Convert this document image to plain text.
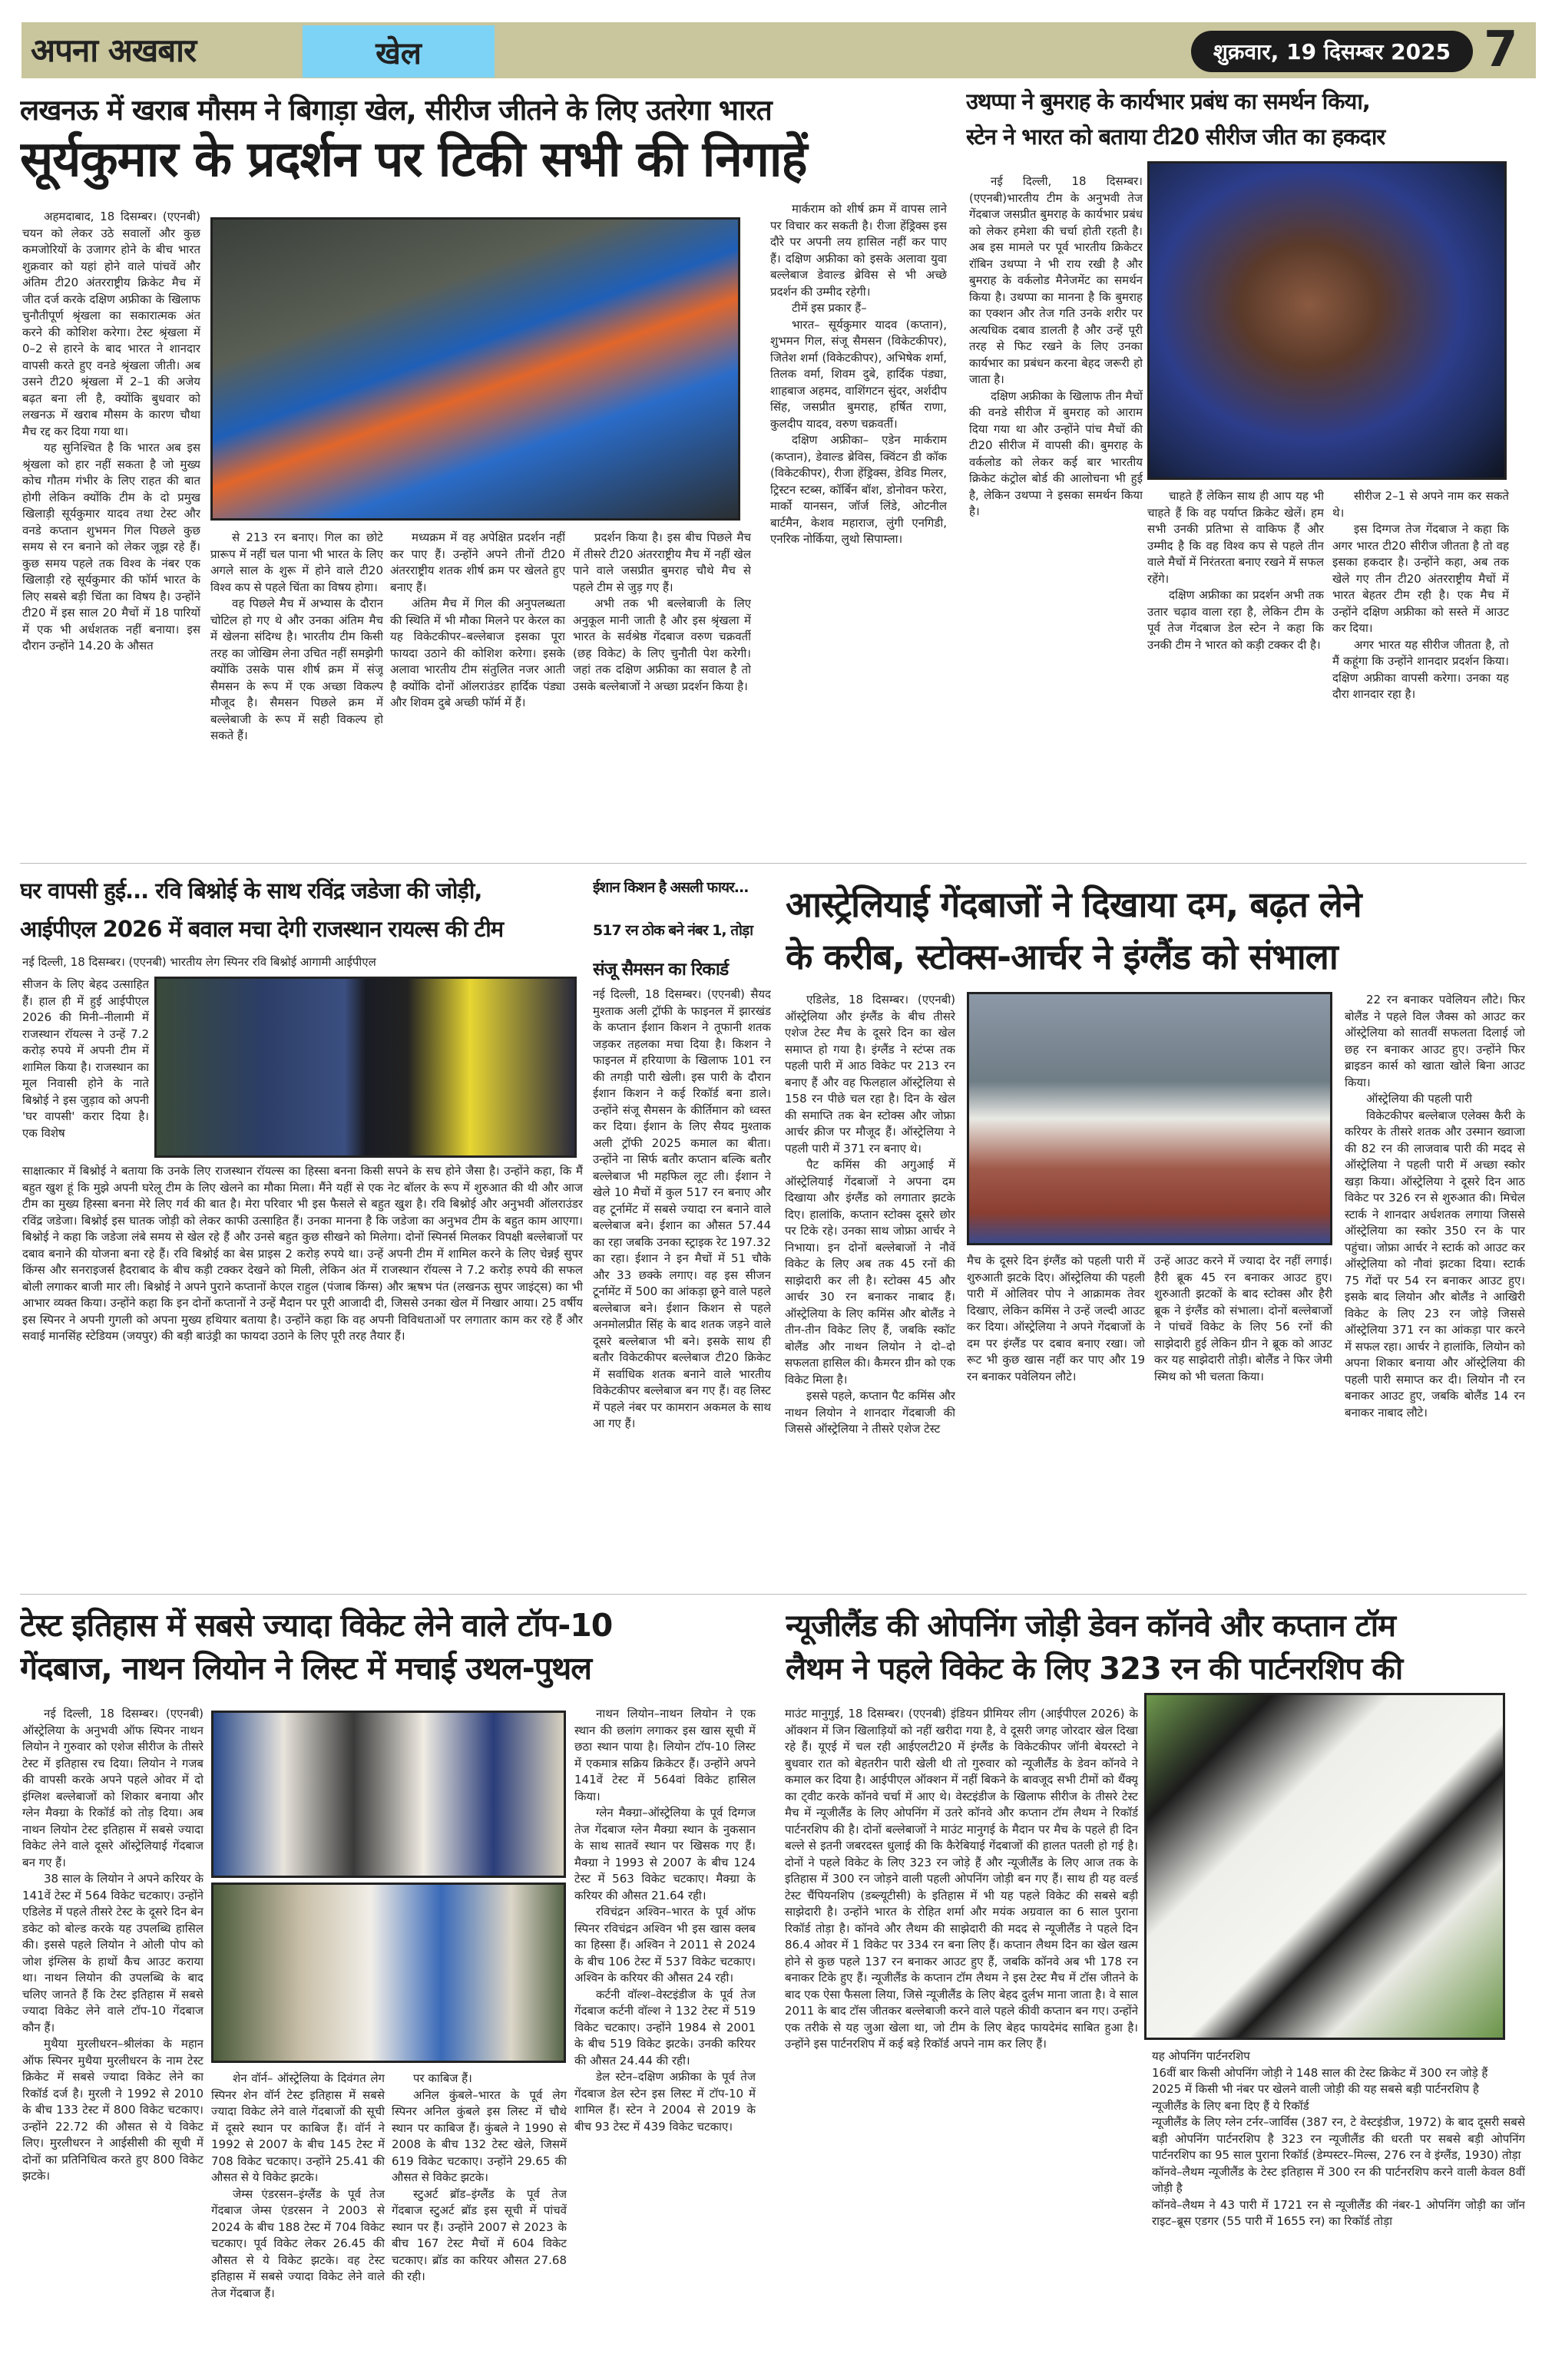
अपना अखबार	खेल	शुक्रवार, 19 दिसम्बर 2025 7
लखनऊ में खराब मौसम ने बिगाड़ा खेल, सीरीज जीतने के लिए उतरेगा भारत
सूर्यकुमार के प्रदर्शन पर टिकी सभी की निगाहें

अहमदाबाद, 18 दिसम्बर। (एएनबी) चयन को लेकर उठे सवालों और कुछ कमजोरियों के उजागर होने के बीच भारत शुक्रवार को यहां होने वाले पांचवें और अंतिम टी20 अंतरराष्ट्रीय क्रिकेट मैच में जीत दर्ज करके दक्षिण अफ्रीका के खिलाफ चुनौतीपूर्ण श्रृंखला का सकारात्मक अंत करने की कोशिश करेगा। टेस्ट श्रृंखला में 0–2 से हारने के बाद भारत ने शानदार वापसी करते हुए वनडे श्रृंखला जीती। अब उसने टी20 श्रृंखला में 2–1 की अजेय बढ़त बना ली है, क्योंकि बुधवार को लखनऊ में खराब मौसम के कारण चौथा मैच रद्द कर दिया गया था।

यह सुनिश्चित है कि भारत अब इस श्रृंखला को हार नहीं सकता है जो मुख्य कोच गौतम गंभीर के लिए राहत की बात होगी लेकिन क्योंकि टीम के दो प्रमुख खिलाड़ी सूर्यकुमार यादव तथा टेस्ट और वनडे कप्तान शुभमन गिल पिछले कुछ समय से रन बनाने को लेकर जूझ रहे हैं। कुछ समय पहले तक विश्व के नंबर एक खिलाड़ी रहे सूर्यकुमार की फॉर्म भारत के लिए सबसे बड़ी चिंता का विषय है। उन्होंने टी20 में इस साल 20 मैचों में 18 पारियों में एक भी अर्धशतक नहीं बनाया। इस दौरान उन्होंने 14.20 के औसत

से 213 रन बनाए। गिल का छोटे प्रारूप में नहीं चल पाना भी भारत के लिए अगले साल के शुरू में होने वाले टी20 विश्व कप से पहले चिंता का विषय होगा।

वह पिछले मैच में अभ्यास के दौरान चोटिल हो गए थे और उनका अंतिम मैच में खेलना संदिग्ध है। भारतीय टीम किसी तरह का जोखिम लेना उचित नहीं समझेगी क्योंकि उसके पास शीर्ष क्रम में संजू सैमसन के रूप में एक अच्छा विकल्प मौजूद है। सैमसन पिछले क्रम में बल्लेबाजी के रूप में सही विकल्प हो सकते हैं।

मध्यक्रम में वह अपेक्षित प्रदर्शन नहीं कर पाए हैं। उन्होंने अपने तीनों टी20 अंतरराष्ट्रीय शतक शीर्ष क्रम पर खेलते हुए बनाए हैं।

अंतिम मैच में गिल की अनुपलब्धता की स्थिति में भी मौका मिलने पर केरल का यह विकेटकीपर–बल्लेबाज इसका पूरा फायदा उठाने की कोशिश करेगा। इसके अलावा भारतीय टीम संतुलित नजर आती है क्योंकि दोनों ऑलराउंडर हार्दिक पंड्या और शिवम दुबे अच्छी फॉर्म में हैं।

प्रदर्शन किया है। इस बीच पिछले मैच में तीसरे टी20 अंतरराष्ट्रीय मैच में नहीं खेल पाने वाले जसप्रीत बुमराह चौथे मैच से पहले टीम से जुड़ गए हैं।

अभी तक भी बल्लेबाजी के लिए अनुकूल मानी जाती है और इस श्रृंखला में भारत के सर्वश्रेष्ठ गेंदबाज वरुण चक्रवर्ती (छह विकेट) के लिए चुनौती पेश करेगी। जहां तक दक्षिण अफ्रीका का सवाल है तो उसके बल्लेबाजों ने अच्छा प्रदर्शन किया है।

मार्कराम को शीर्ष क्रम में वापस लाने पर विचार कर सकती है। रीजा हेंड्रिक्स इस दौरे पर अपनी लय हासिल नहीं कर पाए हैं। दक्षिण अफ्रीका को इसके अलावा युवा बल्लेबाज डेवाल्ड ब्रेविस से भी अच्छे प्रदर्शन की उम्मीद रहेगी।

टीमें इस प्रकार हैं–

भारत– सूर्यकुमार यादव (कप्तान), शुभमन गिल, संजू सैमसन (विकेटकीपर), जितेश शर्मा (विकेटकीपर), अभिषेक शर्मा, तिलक वर्मा, शिवम दुबे, हार्दिक पंड्या, शाहबाज अहमद, वाशिंगटन सुंदर, अर्शदीप सिंह, जसप्रीत बुमराह, हर्षित राणा, कुलदीप यादव, वरुण चक्रवर्ती।

दक्षिण अफ्रीका– एडेन मार्कराम (कप्तान), डेवाल्ड ब्रेविस, क्विंटन डी कॉक (विकेटकीपर), रीजा हेंड्रिक्स, डेविड मिलर, ट्रिस्टन स्टब्स, कॉर्बिन बॉश, डोनोवन फरेरा, मार्को यानसन, जॉर्ज लिंडे, ओटनील बार्टमैन, केशव महाराज, लुंगी एनगिडी, एनरिक नोर्किया, लुथो सिपाम्ला।

उथप्पा ने बुमराह के कार्यभार प्रबंध का समर्थन किया,
स्टेन ने भारत को बताया टी20 सीरीज जीत का हकदार

नई दिल्ली, 18 दिसम्बर। (एएनबी)भारतीय टीम के अनुभवी तेज गेंदबाज जसप्रीत बुमराह के कार्यभार प्रबंध को लेकर हमेशा की चर्चा होती रहती है। अब इस मामले पर पूर्व भारतीय क्रिकेटर रॉबिन उथप्पा ने भी राय रखी है और बुमराह के वर्कलोड मैनेजमेंट का समर्थन किया है। उथप्पा का मानना है कि बुमराह का एक्शन और तेज गति उनके शरीर पर अत्यधिक दबाव डालती है और उन्हें पूरी तरह से फिट रखने के लिए उनका कार्यभार का प्रबंधन करना बेहद जरूरी हो जाता है।

दक्षिण अफ्रीका के खिलाफ तीन मैचों की वनडे सीरीज में बुमराह को आराम दिया गया था और उन्होंने पांच मैचों की टी20 सीरीज में वापसी की। बुमराह के वर्कलोड को लेकर कई बार भारतीय क्रिकेट कंट्रोल बोर्ड की आलोचना भी हुई है, लेकिन उथप्पा ने इसका समर्थन किया है।

चाहते हैं लेकिन साथ ही आप यह भी चाहते हैं कि वह पर्याप्त क्रिकेट खेलें। हम सभी उनकी प्रतिभा से वाकिफ हैं और उम्मीद है कि वह विश्व कप से पहले तीन वाले मैचों में निरंतरता बनाए रखने में सफल रहेंगे।

दक्षिण अफ्रीका का प्रदर्शन अभी तक उतार चढ़ाव वाला रहा है, लेकिन टीम के पूर्व तेज गेंदबाज डेल स्टेन ने कहा कि उनकी टीम ने भारत को कड़ी टक्कर दी है।

सीरीज 2–1 से अपने नाम कर सकते थे।

इस दिग्गज तेज गेंदबाज ने कहा कि अगर भारत टी20 सीरीज जीतता है तो वह इसका हकदार है। उन्होंने कहा, अब तक खेले गए तीन टी20 अंतरराष्ट्रीय मैचों में भारत बेहतर टीम रही है। एक मैच में उन्होंने दक्षिण अफ्रीका को सस्ते में आउट कर दिया।

अगर भारत यह सीरीज जीतता है, तो मैं कहूंगा कि उन्होंने शानदार प्रदर्शन किया। दक्षिण अफ्रीका वापसी करेगा। उनका यह दौरा शानदार रहा है।

घर वापसी हुई... रवि बिश्नोई के साथ रविंद्र जडेजा की जोड़ी,
आईपीएल 2026 में बवाल मचा देगी राजस्थान रायल्स की टीम
नई दिल्ली, 18 दिसम्बर। (एएनबी) भारतीय लेग स्पिनर रवि बिश्नोई आगामी आईपीएल
सीजन के लिए बेहद उत्साहित हैं। हाल ही में हुई आईपीएल 2026 की मिनी–नीलामी में राजस्थान रॉयल्स ने उन्हें 7.2 करोड़ रुपये में अपनी टीम में शामिल किया है। राजस्थान का मूल निवासी होने के नाते बिश्नोई ने इस जुड़ाव को अपनी 'घर वापसी' करार दिया है। एक विशेष
साक्षात्कार में बिश्नोई ने बताया कि उनके लिए राजस्थान रॉयल्स का हिस्सा बनना किसी सपने के सच होने जैसा है। उन्होंने कहा, कि मैं बहुत खुश हूं कि मुझे अपनी घरेलू टीम के लिए खेलने का मौका मिला। मैंने यहीं से एक नेट बॉलर के रूप में शुरुआत की थी और आज टीम का मुख्य हिस्सा बनना मेरे लिए गर्व की बात है। मेरा परिवार भी इस फैसले से बहुत खुश है। रवि बिश्नोई और अनुभवी ऑलराउंडर रविंद्र जडेजा। बिश्नोई इस घातक जोड़ी को लेकर काफी उत्साहित हैं। उनका मानना है कि जडेजा का अनुभव टीम के बहुत काम आएगा। बिश्नोई ने कहा कि जडेजा लंबे समय से खेल रहे हैं और उनसे बहुत कुछ सीखने को मिलेगा। दोनों स्पिनर्स मिलकर विपक्षी बल्लेबाजों पर दबाव बनाने की योजना बना रहे हैं। रवि बिश्नोई का बेस प्राइस 2 करोड़ रुपये था। उन्हें अपनी टीम में शामिल करने के लिए चेन्नई सुपर किंग्स और सनराइजर्स हैदराबाद के बीच कड़ी टक्कर देखने को मिली, लेकिन अंत में राजस्थान रॉयल्स ने 7.2 करोड़ रुपये की सफल बोली लगाकर बाजी मार ली। बिश्नोई ने अपने पुराने कप्तानों केएल राहुल (पंजाब किंग्स) और ऋषभ पंत (लखनऊ सुपर जाइंट्स) का भी आभार व्यक्त किया। उन्होंने कहा कि इन दोनों कप्तानों ने उन्हें मैदान पर पूरी आजादी दी, जिससे उनका खेल में निखार आया। 25 वर्षीय इस स्पिनर ने अपनी गुगली को अपना मुख्य हथियार बताया है। उन्होंने कहा कि वह अपनी विविधताओं पर लगातार काम कर रहे हैं और सवाई मानसिंह स्टेडियम (जयपुर) की बड़ी बाउंड्री का फायदा उठाने के लिए पूरी तरह तैयार हैं।
ईशान किशन है असली फायर...
517 रन ठोक बने नंबर 1, तोड़ा
संजू सैमसन का रिकार्ड
नई दिल्ली, 18 दिसम्बर। (एएनबी) सैयद मुश्ताक अली ट्रॉफी के फाइनल में झारखंड के कप्तान ईशान किशन ने तूफानी शतक जड़कर तहलका मचा दिया है। किशन ने फाइनल में हरियाणा के खिलाफ 101 रन की तगड़ी पारी खेली। इस पारी के दौरान ईशान किशन ने कई रिकॉर्ड बना डाले। उन्होंने संजू सैमसन के कीर्तिमान को ध्वस्त कर दिया। ईशान के लिए सैयद मुश्ताक अली ट्रॉफी 2025 कमाल का बीता। उन्होंने ना सिर्फ बतौर कप्तान बल्कि बतौर बल्लेबाज भी महफिल लूट ली। ईशान ने खेले 10 मैचों में कुल 517 रन बनाए और वह टूर्नामेंट में सबसे ज्यादा रन बनाने वाले बल्लेबाज बने। ईशान का औसत 57.44 का रहा जबकि उनका स्ट्राइक रेट 197.32 का रहा। ईशान ने इन मैचों में 51 चौके और 33 छक्के लगाए। वह इस सीजन टूर्नामेंट में 500 का आंकड़ा छूने वाले पहले बल्लेबाज बने। ईशान किशन से पहले अनमोलप्रीत सिंह के बाद शतक जड़ने वाले दूसरे बल्लेबाज भी बने। इसके साथ ही बतौर विकेटकीपर बल्लेबाज टी20 क्रिकेट में सर्वाधिक शतक बनाने वाले भारतीय विकेटकीपर बल्लेबाज बन गए हैं। वह लिस्ट में पहले नंबर पर कामरान अकमल के साथ आ गए हैं।
आस्ट्रेलियाई गेंदबाजों ने दिखाया दम, बढ़त लेने
के करीब, स्टोक्स-आर्चर ने इंग्लैंड को संभाला

एडिलेड, 18 दिसम्बर। (एएनबी) ऑस्ट्रेलिया और इंग्लैंड के बीच तीसरे एशेज टेस्ट मैच के दूसरे दिन का खेल समाप्त हो गया है। इंग्लैंड ने स्टंप्स तक पहली पारी में आठ विकेट पर 213 रन बनाए हैं और वह फिलहाल ऑस्ट्रेलिया से 158 रन पीछे चल रहा है। दिन के खेल की समाप्ति तक बेन स्टोक्स और जोफ्रा आर्चर क्रीज पर मौजूद हैं। ऑस्ट्रेलिया ने पहली पारी में 371 रन बनाए थे।

पैट कमिंस की अगुआई में ऑस्ट्रेलियाई गेंदबाजों ने अपना दम दिखाया और इंग्लैंड को लगातार झटके दिए। हालांकि, कप्तान स्टोक्स दूसरे छोर पर टिके रहे। उनका साथ जोफ्रा आर्चर ने निभाया। इन दोनों बल्लेबाजों ने नौवें विकेट के लिए अब तक 45 रनों की साझेदारी कर ली है। स्टोक्स 45 और आर्चर 30 रन बनाकर नाबाद हैं। ऑस्ट्रेलिया के लिए कमिंस और बोलैंड ने तीन-तीन विकेट लिए हैं, जबकि स्कॉट बोलैंड और नाथन लियोन ने दो–दो सफलता हासिल की। कैमरन ग्रीन को एक विकेट मिला है।

इससे पहले, कप्तान पैट कमिंस और नाथन लियोन ने शानदार गेंदबाजी की जिससे ऑस्ट्रेलिया ने तीसरे एशेज टेस्ट

मैच के दूसरे दिन इंग्लैंड को पहली पारी में शुरुआती झटके दिए। ऑस्ट्रेलिया की पहली पारी में ओलिवर पोप ने आक्रामक तेवर दिखाए, लेकिन कमिंस ने उन्हें जल्दी आउट कर दिया। ऑस्ट्रेलिया ने अपने गेंदबाजों के दम पर इंग्लैंड पर दबाव बनाए रखा। जो रूट भी कुछ खास नहीं कर पाए और 19 रन बनाकर पवेलियन लौटे।
उन्हें आउट करने में ज्यादा देर नहीं लगाई। हैरी ब्रूक 45 रन बनाकर आउट हुए। शुरुआती झटकों के बाद स्टोक्स और हैरी ब्रूक ने इंग्लैंड को संभाला। दोनों बल्लेबाजों ने पांचवें विकेट के लिए 56 रनों की साझेदारी हुई लेकिन ग्रीन ने ब्रूक को आउट कर यह साझेदारी तोड़ी। बोलैंड ने फिर जेमी स्मिथ को भी चलता किया।

22 रन बनाकर पवेलियन लौटे। फिर बोलैंड ने पहले विल जैक्स को आउट कर ऑस्ट्रेलिया को सातवीं सफलता दिलाई जो छह रन बनाकर आउट हुए। उन्होंने फिर ब्राइडन कार्स को खाता खोले बिना आउट किया।

ऑस्ट्रेलिया की पहली पारी

विकेटकीपर बल्लेबाज एलेक्स कैरी के करियर के तीसरे शतक और उस्मान ख्वाजा की 82 रन की लाजवाब पारी की मदद से ऑस्ट्रेलिया ने पहली पारी में अच्छा स्कोर खड़ा किया। ऑस्ट्रेलिया ने दूसरे दिन आठ विकेट पर 326 रन से शुरुआत की। मिचेल स्टार्क ने शानदार अर्धशतक लगाया जिससे ऑस्ट्रेलिया का स्कोर 350 रन के पार पहुंचा। जोफ्रा आर्चर ने स्टार्क को आउट कर ऑस्ट्रेलिया को नौवां झटका दिया। स्टार्क 75 गेंदों पर 54 रन बनाकर आउट हुए। इसके बाद लियोन और बोलैंड ने आखिरी विकेट के लिए 23 रन जोड़े जिससे ऑस्ट्रेलिया 371 रन का आंकड़ा पार करने में सफल रहा। आर्चर ने हालांकि, लियोन को अपना शिकार बनाया और ऑस्ट्रेलिया की पहली पारी समाप्त कर दी। लियोन नौ रन बनाकर आउट हुए, जबकि बोलैंड 14 रन बनाकर नाबाद लौटे।

टेस्ट इतिहास में सबसे ज्यादा विकेट लेने वाले टॉप-10
गेंदबाज, नाथन लियोन ने लिस्ट में मचाई उथल-पुथल

नई दिल्ली, 18 दिसम्बर। (एएनबी) ऑस्ट्रेलिया के अनुभवी ऑफ स्पिनर नाथन लियोन ने गुरुवार को एशेज सीरीज के तीसरे टेस्ट में इतिहास रच दिया। लियोन ने गजब की वापसी करके अपने पहले ओवर में दो इंग्लिश बल्लेबाजों को शिकार बनाया और ग्लेन मैक्ग्रा के रिकॉर्ड को तोड़ दिया। अब नाथन लियोन टेस्ट इतिहास में सबसे ज्यादा विकेट लेने वाले दूसरे ऑस्ट्रेलियाई गेंदबाज बन गए हैं।

38 साल के लियोन ने अपने करियर के 141वें टेस्ट में 564 विकेट चटकाए। उन्होंने एडिलेड में पहले तीसरे टेस्ट के दूसरे दिन बेन डकेट को बोल्ड करके यह उपलब्धि हासिल की। इससे पहले लियोन ने ओली पोप को जोश इंग्लिस के हाथों कैच आउट कराया था। नाथन लियोन की उपलब्धि के बाद चलिए जानते हैं कि टेस्ट इतिहास में सबसे ज्यादा विकेट लेने वाले टॉप-10 गेंदबाज कौन हैं।

मुथैया मुरलीधरन–श्रीलंका के महान ऑफ स्पिनर मुथैया मुरलीधरन के नाम टेस्ट क्रिकेट में सबसे ज्यादा विकेट लेने का रिकॉर्ड दर्ज है। मुरली ने 1992 से 2010 के बीच 133 टेस्ट में 800 विकेट चटकाए। उन्होंने 22.72 की औसत से ये विकेट लिए। मुरलीधरन ने आईसीसी की सूची में दोनों का प्रतिनिधित्व करते हुए 800 विकेट झटके।

शेन वॉर्न– ऑस्ट्रेलिया के दिवंगत लेग स्पिनर शेन वॉर्न टेस्ट इतिहास में सबसे ज्यादा विकेट लेने वाले गेंदबाजों की सूची में दूसरे स्थान पर काबिज हैं। वॉर्न ने 1992 से 2007 के बीच 145 टेस्ट में 708 विकेट चटकाए। उन्होंने 25.41 की औसत से ये विकेट झटके।

जेम्स एंडरसन–इंग्लैंड के पूर्व तेज गेंदबाज जेम्स एंडरसन ने 2003 से 2024 के बीच 188 टेस्ट में 704 विकेट चटकाए। पूर्व विकेट लेकर 26.45 की औसत से ये विकेट झटके। वह टेस्ट इतिहास में सबसे ज्यादा विकेट लेने वाले तेज गेंदबाज हैं।

पर काबिज हैं।

अनिल कुंबले–भारत के पूर्व लेग स्पिनर अनिल कुंबले इस लिस्ट में चौथे स्थान पर काबिज हैं। कुंबले ने 1990 से 2008 के बीच 132 टेस्ट खेले, जिसमें 619 विकेट चटकाए। उन्होंने 29.65 की औसत से विकेट झटके।

स्टुअर्ट ब्रॉड–इंग्लैंड के पूर्व तेज गेंदबाज स्टुअर्ट ब्रॉड इस सूची में पांचवें स्थान पर हैं। उन्होंने 2007 से 2023 के बीच 167 टेस्ट मैचों में 604 विकेट चटकाए। ब्रॉड का करियर औसत 27.68 की रही।

नाथन लियोन–नाथन लियोन ने एक स्थान की छलांग लगाकर इस खास सूची में छठा स्थान पाया है। लियोन टॉप-10 लिस्ट में एकमात्र सक्रिय क्रिकेटर हैं। उन्होंने अपने 141वें टेस्ट में 564वां विकेट हासिल किया।

ग्लेन मैक्ग्रा–ऑस्ट्रेलिया के पूर्व दिग्गज तेज गेंदबाज ग्लेन मैक्ग्रा स्थान के नुकसान के साथ सातवें स्थान पर खिसक गए हैं। मैक्ग्रा ने 1993 से 2007 के बीच 124 टेस्ट में 563 विकेट चटकाए। मैक्ग्रा के करियर की औसत 21.64 रही।

रविचंद्रन अश्विन–भारत के पूर्व ऑफ स्पिनर रविचंद्रन अश्विन भी इस खास क्लब का हिस्सा हैं। अश्विन ने 2011 से 2024 के बीच 106 टेस्ट में 537 विकेट चटकाए। अश्विन के करियर की औसत 24 रही।

कर्टनी वॉल्श–वेस्टइंडीज के पूर्व तेज गेंदबाज कर्टनी वॉल्श ने 132 टेस्ट में 519 विकेट चटकाए। उन्होंने 1984 से 2001 के बीच 519 विकेट झटके। उनकी करियर की औसत 24.44 की रही।

डेल स्टेन–दक्षिण अफ्रीका के पूर्व तेज गेंदबाज डेल स्टेन इस लिस्ट में टॉप-10 में शामिल हैं। स्टेन ने 2004 से 2019 के बीच 93 टेस्ट में 439 विकेट चटकाए।

न्यूजीलैंड की ओपनिंग जोड़ी डेवन कॉनवे और कप्तान टॉम
लैथम ने पहले विकेट के लिए 323 रन की पार्टनरशिप की
माउंट मानुगुई, 18 दिसम्बर। (एएनबी) इंडियन प्रीमियर लीग (आईपीएल 2026) के ऑक्शन में जिन खिलाड़ियों को नहीं खरीदा गया है, वे दूसरी जगह जोरदार खेल दिखा रहे हैं। यूएई में चल रही आईएलटी20 में इंग्लैंड के विकेटकीपर जॉनी बेयरस्टो ने बुधवार रात को बेहतरीन पारी खेली थी तो गुरुवार को न्यूजीलैंड के डेवन कॉनवे ने कमाल कर दिया है। आईपीएल ऑक्शन में नहीं बिकने के बावजूद सभी टीमों को थैंक्यू का ट्वीट करके कॉनवे चर्चा में आए थे। वेस्टइंडीज के खिलाफ सीरीज के तीसरे टेस्ट मैच में न्यूजीलैंड के लिए ओपनिंग में उतरे कॉनवे और कप्तान टॉम लैथम ने रिकॉर्ड पार्टनरशिप की है। दोनों बल्लेबाजों ने माउंट मानुगई के मैदान पर मैच के पहले ही दिन बल्ले से इतनी जबरदस्त धुलाई की कि कैरेबियाई गेंदबाजों की हालत पतली हो गई है। दोनों ने पहले विकेट के लिए 323 रन जोड़े हैं और न्यूजीलैंड के लिए आज तक के इतिहास में 300 रन जोड़ने वाली पहली ओपनिंग जोड़ी बन गए हैं। साथ ही यह वर्ल्ड टेस्ट चैंपियनशिप (डब्ल्यूटीसी) के इतिहास में भी यह पहले विकेट की सबसे बड़ी साझेदारी है। उन्होंने भारत के रोहित शर्मा और मयंक अग्रवाल का 6 साल पुराना रिकॉर्ड तोड़ा है। कॉनवे और लैथम की साझेदारी की मदद से न्यूजीलैंड ने पहले दिन 86.4 ओवर में 1 विकेट पर 334 रन बना लिए हैं। कप्तान लैथम दिन का खेल खत्म होने से कुछ पहले 137 रन बनाकर आउट हुए हैं, जबकि कॉनवे अब भी 178 रन बनाकर टिके हुए हैं। न्यूजीलैंड के कप्तान टॉम लैथम ने इस टेस्ट मैच में टॉस जीतने के बाद एक ऐसा फैसला लिया, जिसे न्यूजीलैंड के लिए बेहद दुर्लभ माना जाता है। वे साल 2011 के बाद टॉस जीतकर बल्लेबाजी करने वाले पहले कीवी कप्तान बन गए। उन्होंने एक तरीके से यह जुआ खेला था, जो टीम के लिए बेहद फायदेमंद साबित हुआ है। उन्होंने इस पार्टनरशिप में कई बड़े रिकॉर्ड अपने नाम कर लिए हैं।
यह ओपनिंग पार्टनरशिप
16वीं बार किसी ओपनिंग जोड़ी ने 148 साल की टेस्ट क्रिकेट में 300 रन जोड़े हैं
2025 में किसी भी नंबर पर खेलने वाली जोड़ी की यह सबसे बड़ी पार्टनरशिप है
न्यूजीलैंड के लिए बना दिए हैं ये रिकॉर्ड
न्यूजीलैंड के लिए ग्लेन टर्नर–जार्विस (387 रन, टे वेस्टइंडीज, 1972) के बाद दूसरी सबसे बड़ी ओपनिंग पार्टनरशिप है 323 रन न्यूजीलैंड की धरती पर सबसे बड़ी ओपनिंग पार्टनरशिप का 95 साल पुराना रिकॉर्ड (डेम्पस्टर–मिल्स, 276 रन वे इंग्लैंड, 1930) तोड़ा
कॉनवे–लैथम न्यूजीलैंड के टेस्ट इतिहास में 300 रन की पार्टनरशिप करने वाली केवल 8वीं जोड़ी है
कॉनवे–लैथम ने 43 पारी में 1721 रन से न्यूजीलैंड की नंबर-1 ओपनिंग जोड़ी का जॉन राइट–ब्रूस एडगर (55 पारी में 1655 रन) का रिकॉर्ड तोड़ा
